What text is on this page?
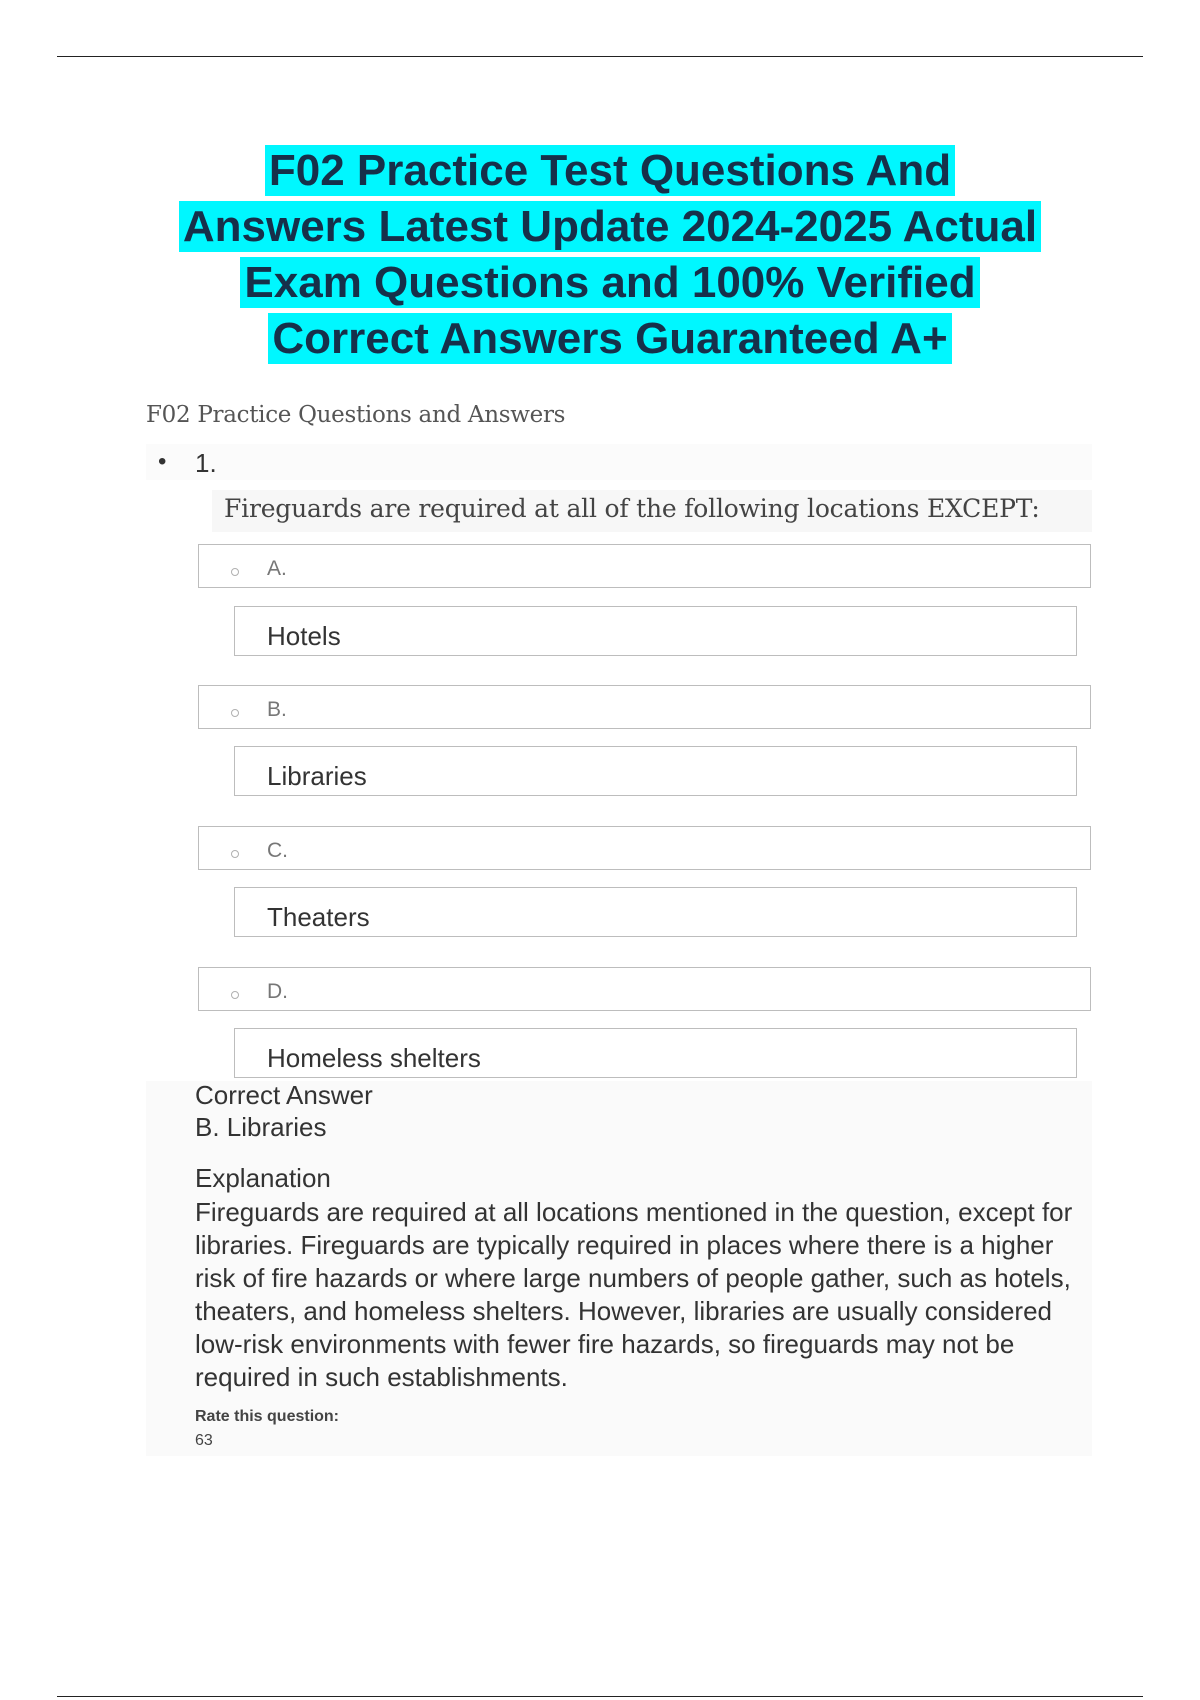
F02 Practice Test Questions And
Answers Latest Update 2024-2025 Actual
Exam Questions and 100% Verified
Correct Answers Guaranteed A+
F02 Practice Questions and Answers
• 1.
Fireguards are required at all of the following locations EXCEPT:
A.
Hotels
B.
Libraries
C.
Theaters
D.
Homeless shelters
Correct Answer
B. Libraries
Explanation
Fireguards are required at all locations mentioned in the question, except for libraries. Fireguards are typically required in places where there is a higher risk of fire hazards or where large numbers of people gather, such as hotels, theaters, and homeless shelters. However, libraries are usually considered low-risk environments with fewer fire hazards, so fireguards may not be required in such establishments.
Rate this question:
63
